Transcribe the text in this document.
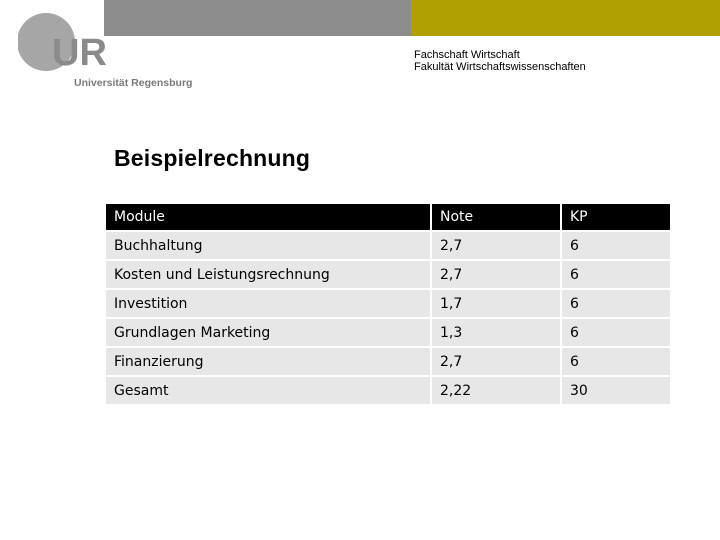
UR
Universität Regensburg
Fachschaft Wirtschaft
Fakultät Wirtschaftswissenschaften
Beispielrechnung
Module	Note	KP
Buchhaltung	2,7	6
Kosten und Leistungsrechnung	2,7	6
Investition	1,7	6
Grundlagen Marketing	1,3	6
Finanzierung	2,7	6
Gesamt	2,22	30
